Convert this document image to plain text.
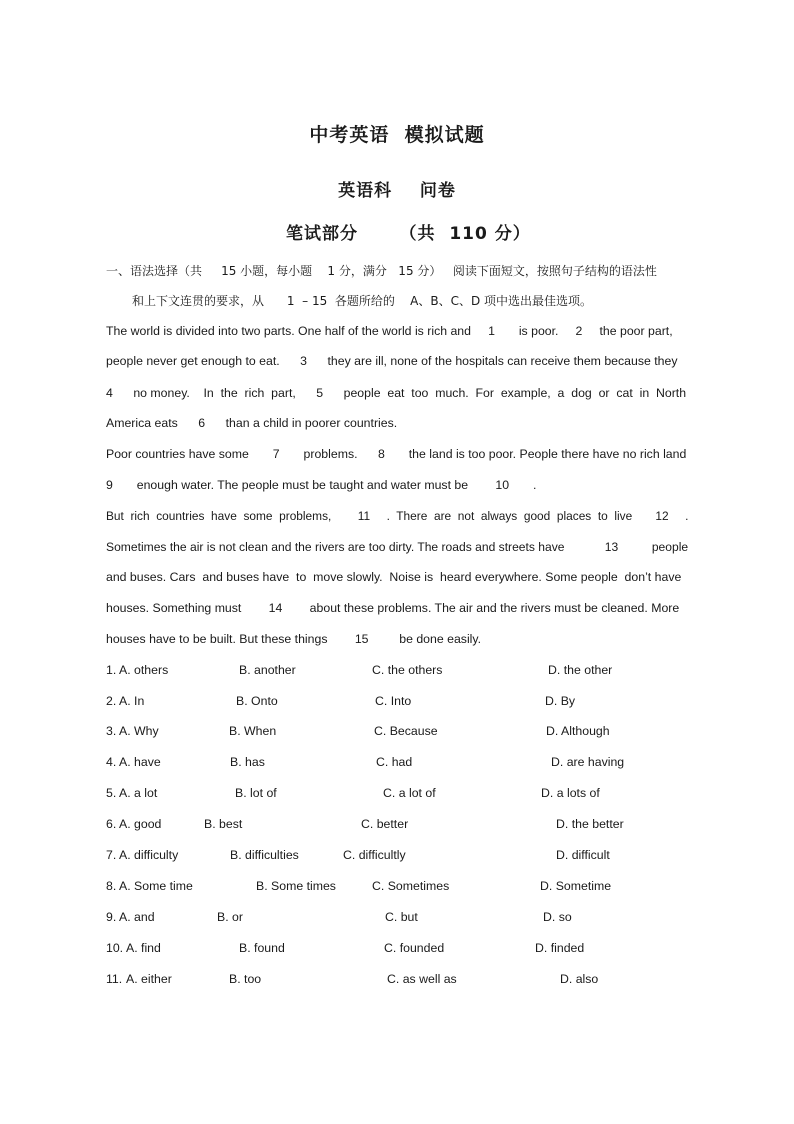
中考英语  模拟试题
英语科    问卷
笔试部分      （共  110 分）
一、语法选择（共     15 小题，每小题    1 分，满分   15 分）   阅读下面短文，按照句子结构的语法性
和上下文连贯的要求，从      1  – 15  各题所给的    A、B、C、D 项中选出最佳选项。
The world is divided into two parts. One half of the world is rich and     1       is poor.     2     the poor part,
people never get enough to eat.      3      they are ill, none of the hospitals can receive them because they
4      no money.    In  the  rich  part,      5      people  eat  too  much.  For  example,  a  dog  or  cat  in  North
America eats      6      than a child in poorer countries.
Poor countries have some       7       problems.      8       the land is too poor. People there have no rich land
9       enough water. The people must be taught and water must be        10       .
But  rich  countries  have  some  problems,        11     .  There  are  not  always  good  places  to  live       12     .
Sometimes the air is not clean and the rivers are too dirty. The roads and streets have            13          people
and buses. Cars  and buses have  to  move slowly.  Noise is  heard everywhere. Some people  don’t have
houses. Something must        14        about these problems. The air and the rivers must be cleaned. More
houses have to be built. But these things        15         be done easily.
1. A. others	B. another	C. the others	D. the other
2. A. In	B. Onto	C. Into	D. By
3. A. Why	B. When	C. Because	D. Although
4. A. have	B. has	C. had	D. are having
5. A. a lot	B. lot of	C. a lot of	D. a lots of
6. A. good	B. best	C. better	D. the better
7. A. difficulty	B. difficulties	C. difficultly	D. difficult
8. A. Some time	B. Some times	C. Sometimes	D. Sometime
9. A. and	B. or	C. but	D. so
10. A. find	B. found	C. founded	D. finded
11. A. either	B. too	C. as well as	D. also
